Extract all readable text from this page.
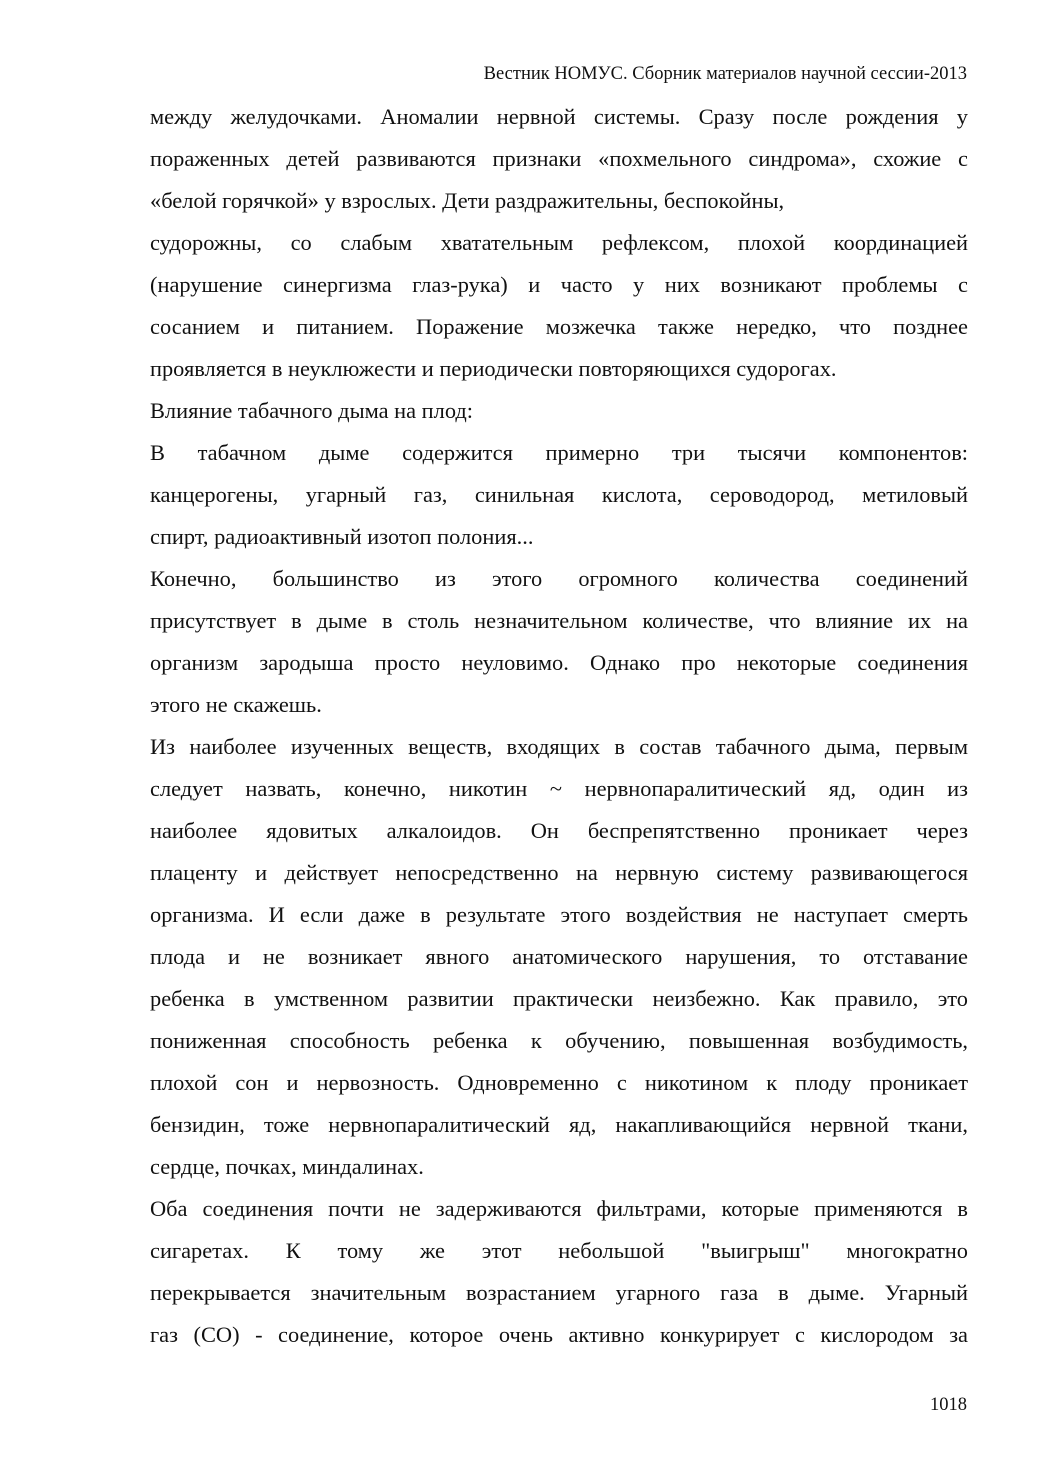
Вестник НОМУС. Сборник материалов научной сессии-2013
между желудочками. Аномалии нервной системы. Сразу после рождения у
пораженных детей развиваются признаки «похмельного синдрома», схожие с
«белой горячкой» у взрослых. Дети раздражительны, беспокойны,
судорожны, со слабым хватательным рефлексом, плохой координацией
(нарушение синергизма глаз-рука) и часто у них возникают проблемы с
сосанием и питанием. Поражение мозжечка также нередко, что позднее
проявляется в неуклюжести и периодически повторяющихся судорогах.
Влияние табачного дыма на плод:
В табачном дыме содержится примерно три тысячи компонентов:
канцерогены, угарный газ, синильная кислота, сероводород, метиловый
спирт, радиоактивный изотоп полония...
Конечно, большинство из этого огромного количества соединений
присутствует в дыме в столь незначительном количестве, что влияние их на
организм зародыша просто неуловимо. Однако про некоторые соединения
этого не скажешь.
Из наиболее изученных веществ, входящих в состав табачного дыма, первым
следует назвать, конечно, никотин ~ нервнопаралитический яд, один из
наиболее ядовитых алкалоидов. Он беспрепятственно проникает через
плаценту и действует непосредственно на нервную систему развивающегося
организма. И если даже в результате этого воздействия не наступает смерть
плода и не возникает явного анатомического нарушения, то отставание
ребенка в умственном развитии практически неизбежно. Как правило, это
пониженная способность ребенка к обучению, повышенная возбудимость,
плохой сон и нервозность. Одновременно с никотином к плоду проникает
бензидин, тоже нервнопаралитический яд, накапливающийся нервной ткани,
сердце, почках, миндалинах.
Оба соединения почти не задерживаются фильтрами, которые применяются в
сигаретах. К тому же этот небольшой "выигрыш" многократно
перекрывается значительным возрастанием угарного газа в дыме. Угарный
газ (СО) - соединение, которое очень активно конкурирует с кислородом за
1018
